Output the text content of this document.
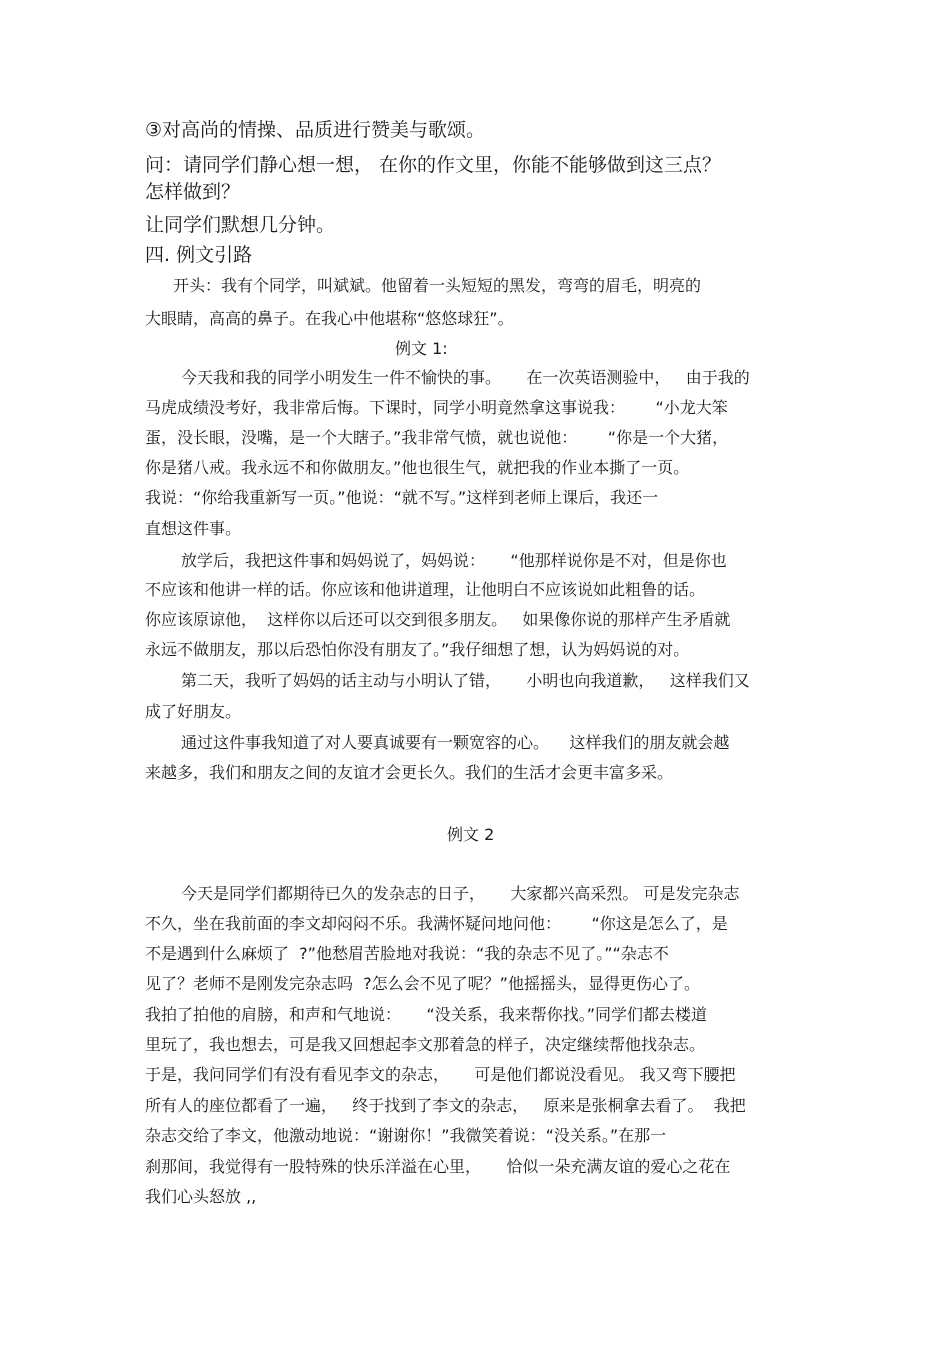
③对高尚的情操、品质进行赞美与歌颂。

问：请同学们静心想一想， 在你的作文里，你能不能够做到这三点？

怎样做到？

让同学们默想几分钟。

四. 例文引路

开头：我有个同学，叫斌斌。他留着一头短短的黑发，弯弯的眉毛，明亮的

大眼睛，高高的鼻子。在我心中他堪称“悠悠球狂”。

例文 1:

今天我和我的同学小明发生一件不愉快的事。     在一次英语测验中，   由于我的

马虎成绩没考好，我非常后悔。下课时，同学小明竟然拿这事说我：      “小龙大笨

蛋，没长眼，没嘴，是一个大瞎子。”我非常气愤，就也说他：      “你是一个大猪，

你是猪八戒。我永远不和你做朋友。”他也很生气，就把我的作业本撕了一页。

我说：“你给我重新写一页。”他说：“就不写。”这样到老师上课后，我还一

直想这件事。

放学后，我把这件事和妈妈说了，妈妈说：     “他那样说你是不对，但是你也

不应该和他讲一样的话。你应该和他讲道理，让他明白不应该说如此粗鲁的话。

你应该原谅他，  这样你以后还可以交到很多朋友。   如果像你说的那样产生矛盾就

永远不做朋友，那以后恐怕你没有朋友了。”我仔细想了想，认为妈妈说的对。

第二天，我听了妈妈的话主动与小明认了错，     小明也向我道歉，   这样我们又

成了好朋友。

通过这件事我知道了对人要真诚要有一颗宽容的心。    这样我们的朋友就会越

来越多，我们和朋友之间的友谊才会更长久。我们的生活才会更丰富多采。

例文 2

今天是同学们都期待已久的发杂志的日子，     大家都兴高采烈。 可是发完杂志

不久，坐在我前面的李文却闷闷不乐。我满怀疑问地问他：      “你这是怎么了，是

不是遇到什么麻烦了  ?”他愁眉苦脸地对我说：“我的杂志不见了。”“杂志不

见了？老师不是刚发完杂志吗  ?怎么会不见了呢？”他摇摇头，显得更伤心了。

我拍了拍他的肩膀，和声和气地说：     “没关系，我来帮你找。”同学们都去楼道

里玩了，我也想去，可是我又回想起李文那着急的样子，决定继续帮他找杂志。

于是，我问同学们有没有看见李文的杂志，     可是他们都说没看见。 我又弯下腰把

所有人的座位都看了一遍，   终于找到了李文的杂志，   原来是张桐拿去看了。  我把

杂志交给了李文，他激动地说：“谢谢你！”我微笑着说：“没关系。”在那一

刹那间，我觉得有一股特殊的快乐洋溢在心里，     恰似一朵充满友谊的爱心之花在

我们心头怒放 ,,
